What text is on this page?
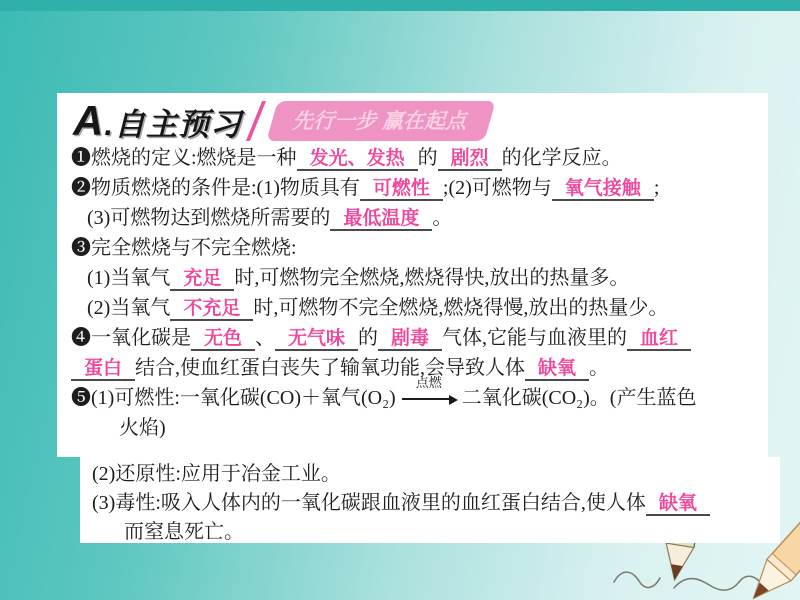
A.自主预习	先行一步 赢在起点
❶燃烧的定义:燃烧是一种 发光、发热 的 剧烈 的化学反应。
❷物质燃烧的条件是:(1)物质具有 可燃性 ;(2)可燃物与 氧气接触 ;
(3)可燃物达到燃烧所需要的 最低温度 。
❸完全燃烧与不完全燃烧:
(1)当氧气 充足 时,可燃物完全燃烧,燃烧得快,放出的热量多。
(2)当氧气 不充足 时,可燃物不完全燃烧,燃烧得慢,放出的热量少。
❹一氧化碳是 无色 、 无气味 的 剧毒 气体,它能与血液里的 血红
蛋白 结合,使血红蛋白丧失了输氧功能,会导致人体 缺氧 。
❺(1)可燃性:一氧化碳(CO)＋氧气(O₂)
点燃
二氧化碳(CO₂)。(产生蓝色
火焰)
(2)还原性:应用于冶金工业。
(3)毒性:吸入人体内的一氧化碳跟血液里的血红蛋白结合,使人体 缺氧
而窒息死亡。
